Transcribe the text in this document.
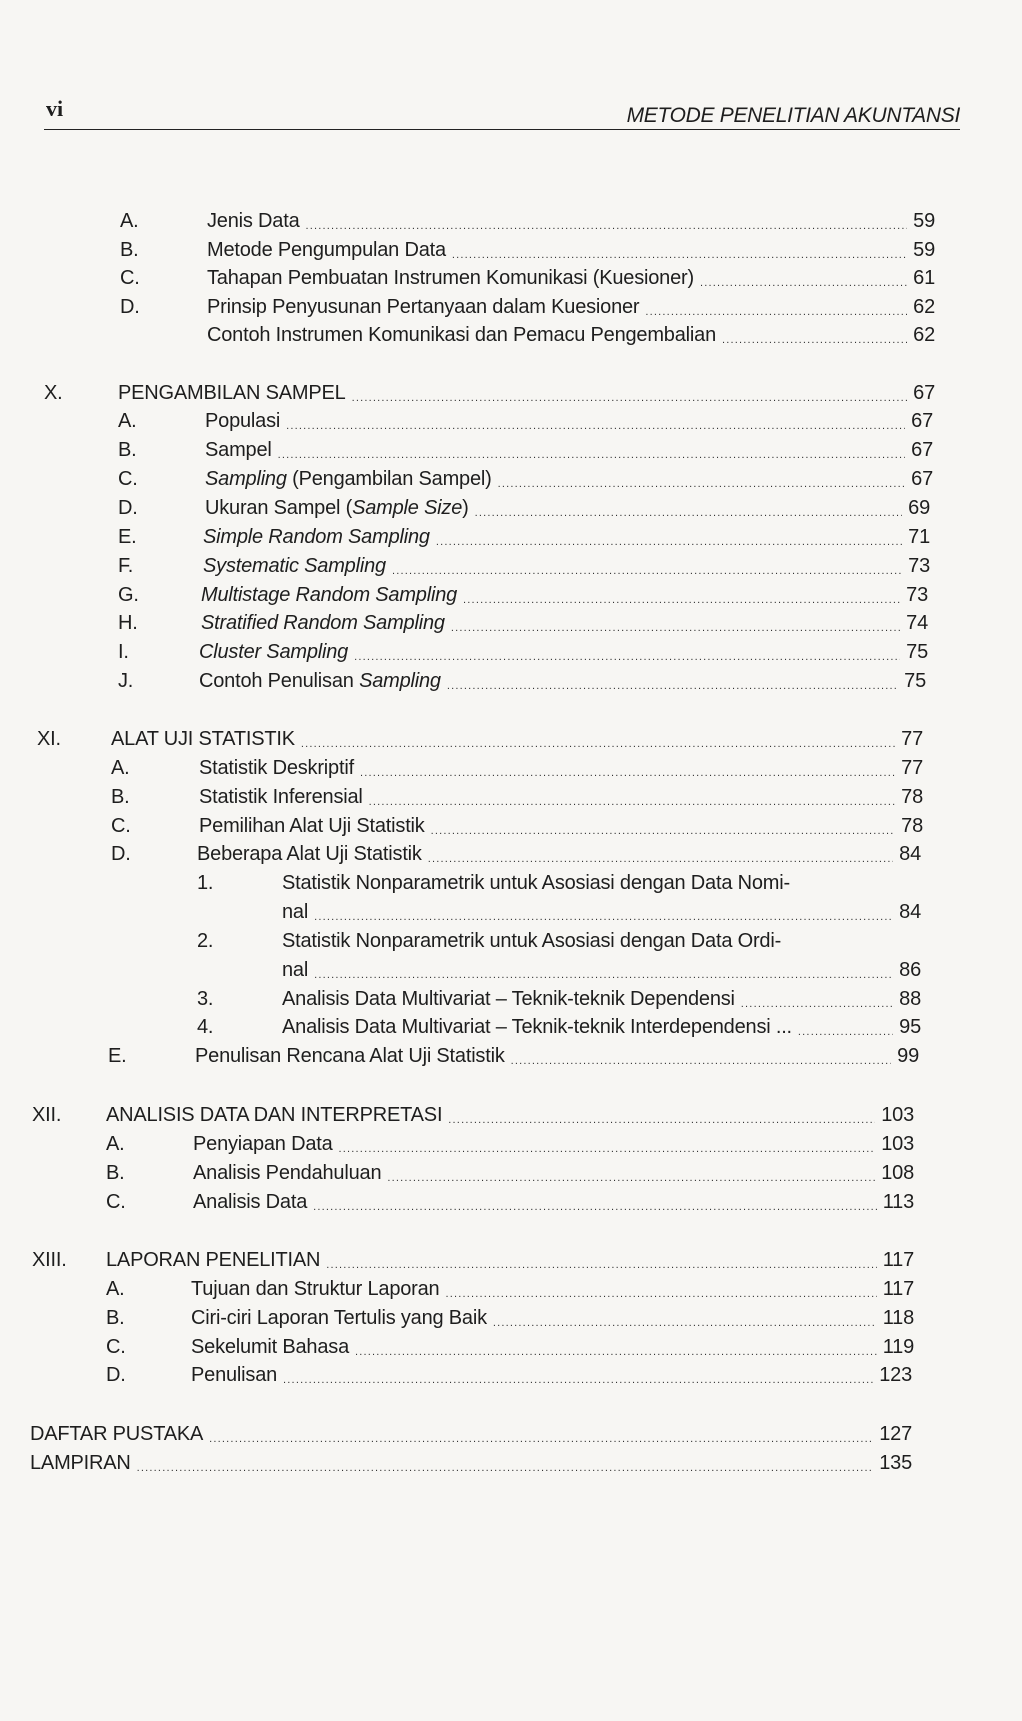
vi	METODE PENELITIAN AKUNTANSI
A.	Jenis Data .....	59
B.	Metode Pengumpulan Data .....	59
C.	Tahapan Pembuatan Instrumen Komunikasi (Kuesioner) .....	61
D.	Prinsip Penyusunan Pertanyaan dalam Kuesioner .....	62
Contoh Instrumen Komunikasi dan Pemacu Pengembalian .....	62
X.	PENGAMBILAN SAMPEL .....	67
A.	Populasi .....	67
B.	Sampel .....	67
C.	Sampling (Pengambilan Sampel) .....	67
D.	Ukuran Sampel (Sample Size) .....	69
E.	Simple Random Sampling .....	71
F.	Systematic Sampling .....	73
G.	Multistage Random Sampling .....	73
H.	Stratified Random Sampling .....	74
I.	Cluster Sampling .....	75
J.	Contoh Penulisan Sampling .....	75
XI.	ALAT UJI STATISTIK .....	77
A.	Statistik Deskriptif .....	77
B.	Statistik Inferensial .....	78
C.	Pemilihan Alat Uji Statistik .....	78
D.	Beberapa Alat Uji Statistik .....	84
1.	Statistik Nonparametrik untuk Asosiasi dengan Data Nomi-
nal .....	84
2.	Statistik Nonparametrik untuk Asosiasi dengan Data Ordi-
nal .....	86
3.	Analisis Data Multivariat – Teknik-teknik Dependensi .....	88
4.	Analisis Data Multivariat – Teknik-teknik Interdependensi ... .....	95
E.	Penulisan Rencana Alat Uji Statistik .....	99
XII. ANALISIS DATA DAN INTERPRETASI .....	103
A.	Penyiapan Data .....	103
B.	Analisis Pendahuluan .....	108
C.	Analisis Data .....	113
XIII. LAPORAN PENELITIAN .....	117
A.	Tujuan dan Struktur Laporan .....	117
B.	Ciri-ciri Laporan Tertulis yang Baik .....	118
C.	Sekelumit Bahasa .....	119
D.	Penulisan .....	123
DAFTAR PUSTAKA .....	127
LAMPIRAN .....	135
